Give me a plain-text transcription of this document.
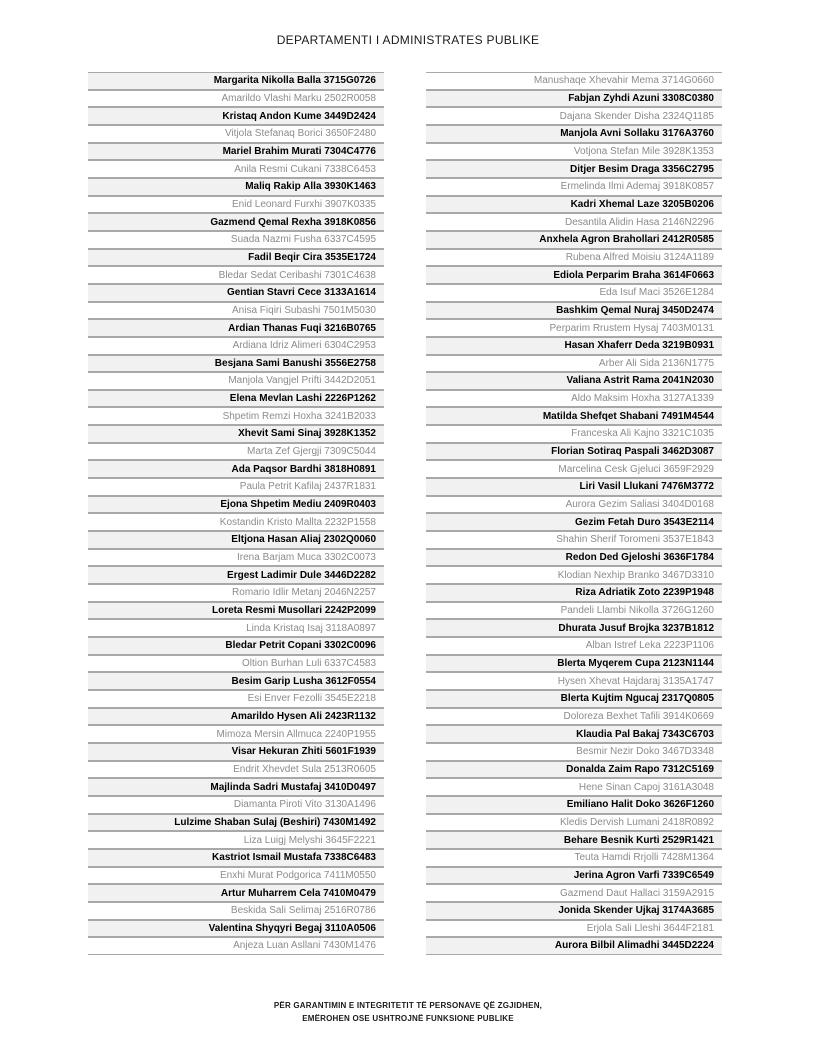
DEPARTAMENTI I ADMINISTRATES PUBLIKE
Margarita Nikolla Balla 3715G0726
Amarildo Vlashi Marku 2502R0058
Kristaq Andon Kume 3449D2424
Vitjola Stefanaq Borici 3650F2480
Mariel Brahim Murati 7304C4776
Anila Resmi Cukani 7338C6453
Maliq Rakip Alla 3930K1463
Enid Leonard Furxhi 3907K0335
Gazmend Qemal Rexha 3918K0856
Suada Nazmi Fusha 6337C4595
Fadil Beqir Cira 3535E1724
Bledar Sedat Ceribashi 7301C4638
Gentian Stavri Cece 3133A1614
Anisa Fiqiri Subashi 7501M5030
Ardian Thanas Fuqi 3216B0765
Ardiana Idriz Alimeri 6304C2953
Besjana Sami Banushi 3556E2758
Manjola Vangjel Prifti 3442D2051
Elena Mevlan Lashi 2226P1262
Shpetim Remzi Hoxha 3241B2033
Xhevit Sami Sinaj 3928K1352
Marta Zef Gjergji 7309C5044
Ada Paqsor Bardhi 3818H0891
Paula Petrit Kafilaj 2437R1831
Ejona Shpetim Mediu 2409R0403
Kostandin Kristo Mallta 2232P1558
Eltjona Hasan Aliaj 2302Q0060
Irena Barjam Muca 3302C0073
Ergest Ladimir Dule 3446D2282
Romario Idlir Metanj 2046N2257
Loreta Resmi Musollari 2242P2099
Linda Kristaq Isaj 3118A0897
Bledar Petrit Copani 3302C0096
Oltion Burhan Luli 6337C4583
Besim Garip Lusha 3612F0554
Esi Enver Fezolli 3545E2218
Amarildo Hysen Ali 2423R1132
Mimoza Mersin Allmuca 2240P1955
Visar Hekuran Zhiti 5601F1939
Endrit Xhevdet Sula 2513R0605
Majlinda Sadri Mustafaj 3410D0497
Diamanta Piroti Vito 3130A1496
Lulzime Shaban Sulaj (Beshiri) 7430M1492
Liza Luigj Melyshi 3645F2221
Kastriot Ismail Mustafa 7338C6483
Enxhi Murat Podgorica 7411M0550
Artur Muharrem Cela 7410M0479
Beskida Sali Selimaj 2516R0786
Valentina Shyqyri Begaj 3110A0506
Anjeza Luan Asllani 7430M1476
Manushaqe Xhevahir Mema 3714G0660
Fabjan Zyhdi Azuni 3308C0380
Dajana Skender Disha 2324Q1185
Manjola Avni Sollaku 3176A3760
Votjona Stefan Mile 3928K1353
Ditjer Besim Draga 3356C2795
Ermelinda Ilmi Ademaj 3918K0857
Kadri Xhemal Laze 3205B0206
Desantila Alidin Hasa 2146N2296
Anxhela Agron Brahollari 2412R0585
Rubena Alfred Moisiu 3124A1189
Ediola Perparim Braha 3614F0663
Eda Isuf Maci 3526E1284
Bashkim Qemal Nuraj 3450D2474
Perparim Rrustem Hysaj 7403M0131
Hasan Xhaferr Deda 3219B0931
Arber Ali Sida 2136N1775
Valiana Astrit Rama 2041N2030
Aldo Maksim Hoxha 3127A1339
Matilda Shefqet Shabani 7491M4544
Franceska Ali Kajno 3321C1035
Florian Sotiraq Paspali 3462D3087
Marcelina Cesk Gjeluci 3659F2929
Liri Vasil Llukani 7476M3772
Aurora Gezim Saliasi 3404D0168
Gezim Fetah Duro 3543E2114
Shahin Sherif Toromeni 3537E1843
Redon Ded Gjeloshi 3636F1784
Klodian Nexhip Branko 3467D3310
Riza Adriatik Zoto 2239P1948
Pandeli Llambi Nikolla 3726G1260
Dhurata Jusuf Brojka 3237B1812
Alban Istref Leka 2223P1106
Blerta Myqerem Cupa 2123N1144
Hysen Xhevat Hajdaraj 3135A1747
Blerta Kujtim Ngucaj 2317Q0805
Doloreza Bexhet Tafili 3914K0669
Klaudia Pal Bakaj 7343C6703
Besmir Nezir Doko 3467D3348
Donalda Zaim Rapo 7312C5169
Hene Sinan Capoj 3161A3048
Emiliano Halit Doko 3626F1260
Kledis Dervish Lumani 2418R0892
Behare Besnik Kurti 2529R1421
Teuta Hamdi Rrjolli 7428M1364
Jerina Agron Varfi 7339C6549
Gazmend Daut Hallaci 3159A2915
Jonida Skender Ujkaj 3174A3685
Erjola Sali Lleshi 3644F2181
Aurora Bilbil Alimadhi 3445D2224
PËR GARANTIMIN E INTEGRITETIT TË PERSONAVE QË ZGJIDHEN,
EMËROHEN OSE USHTROJNË FUNKSIONE PUBLIKE
